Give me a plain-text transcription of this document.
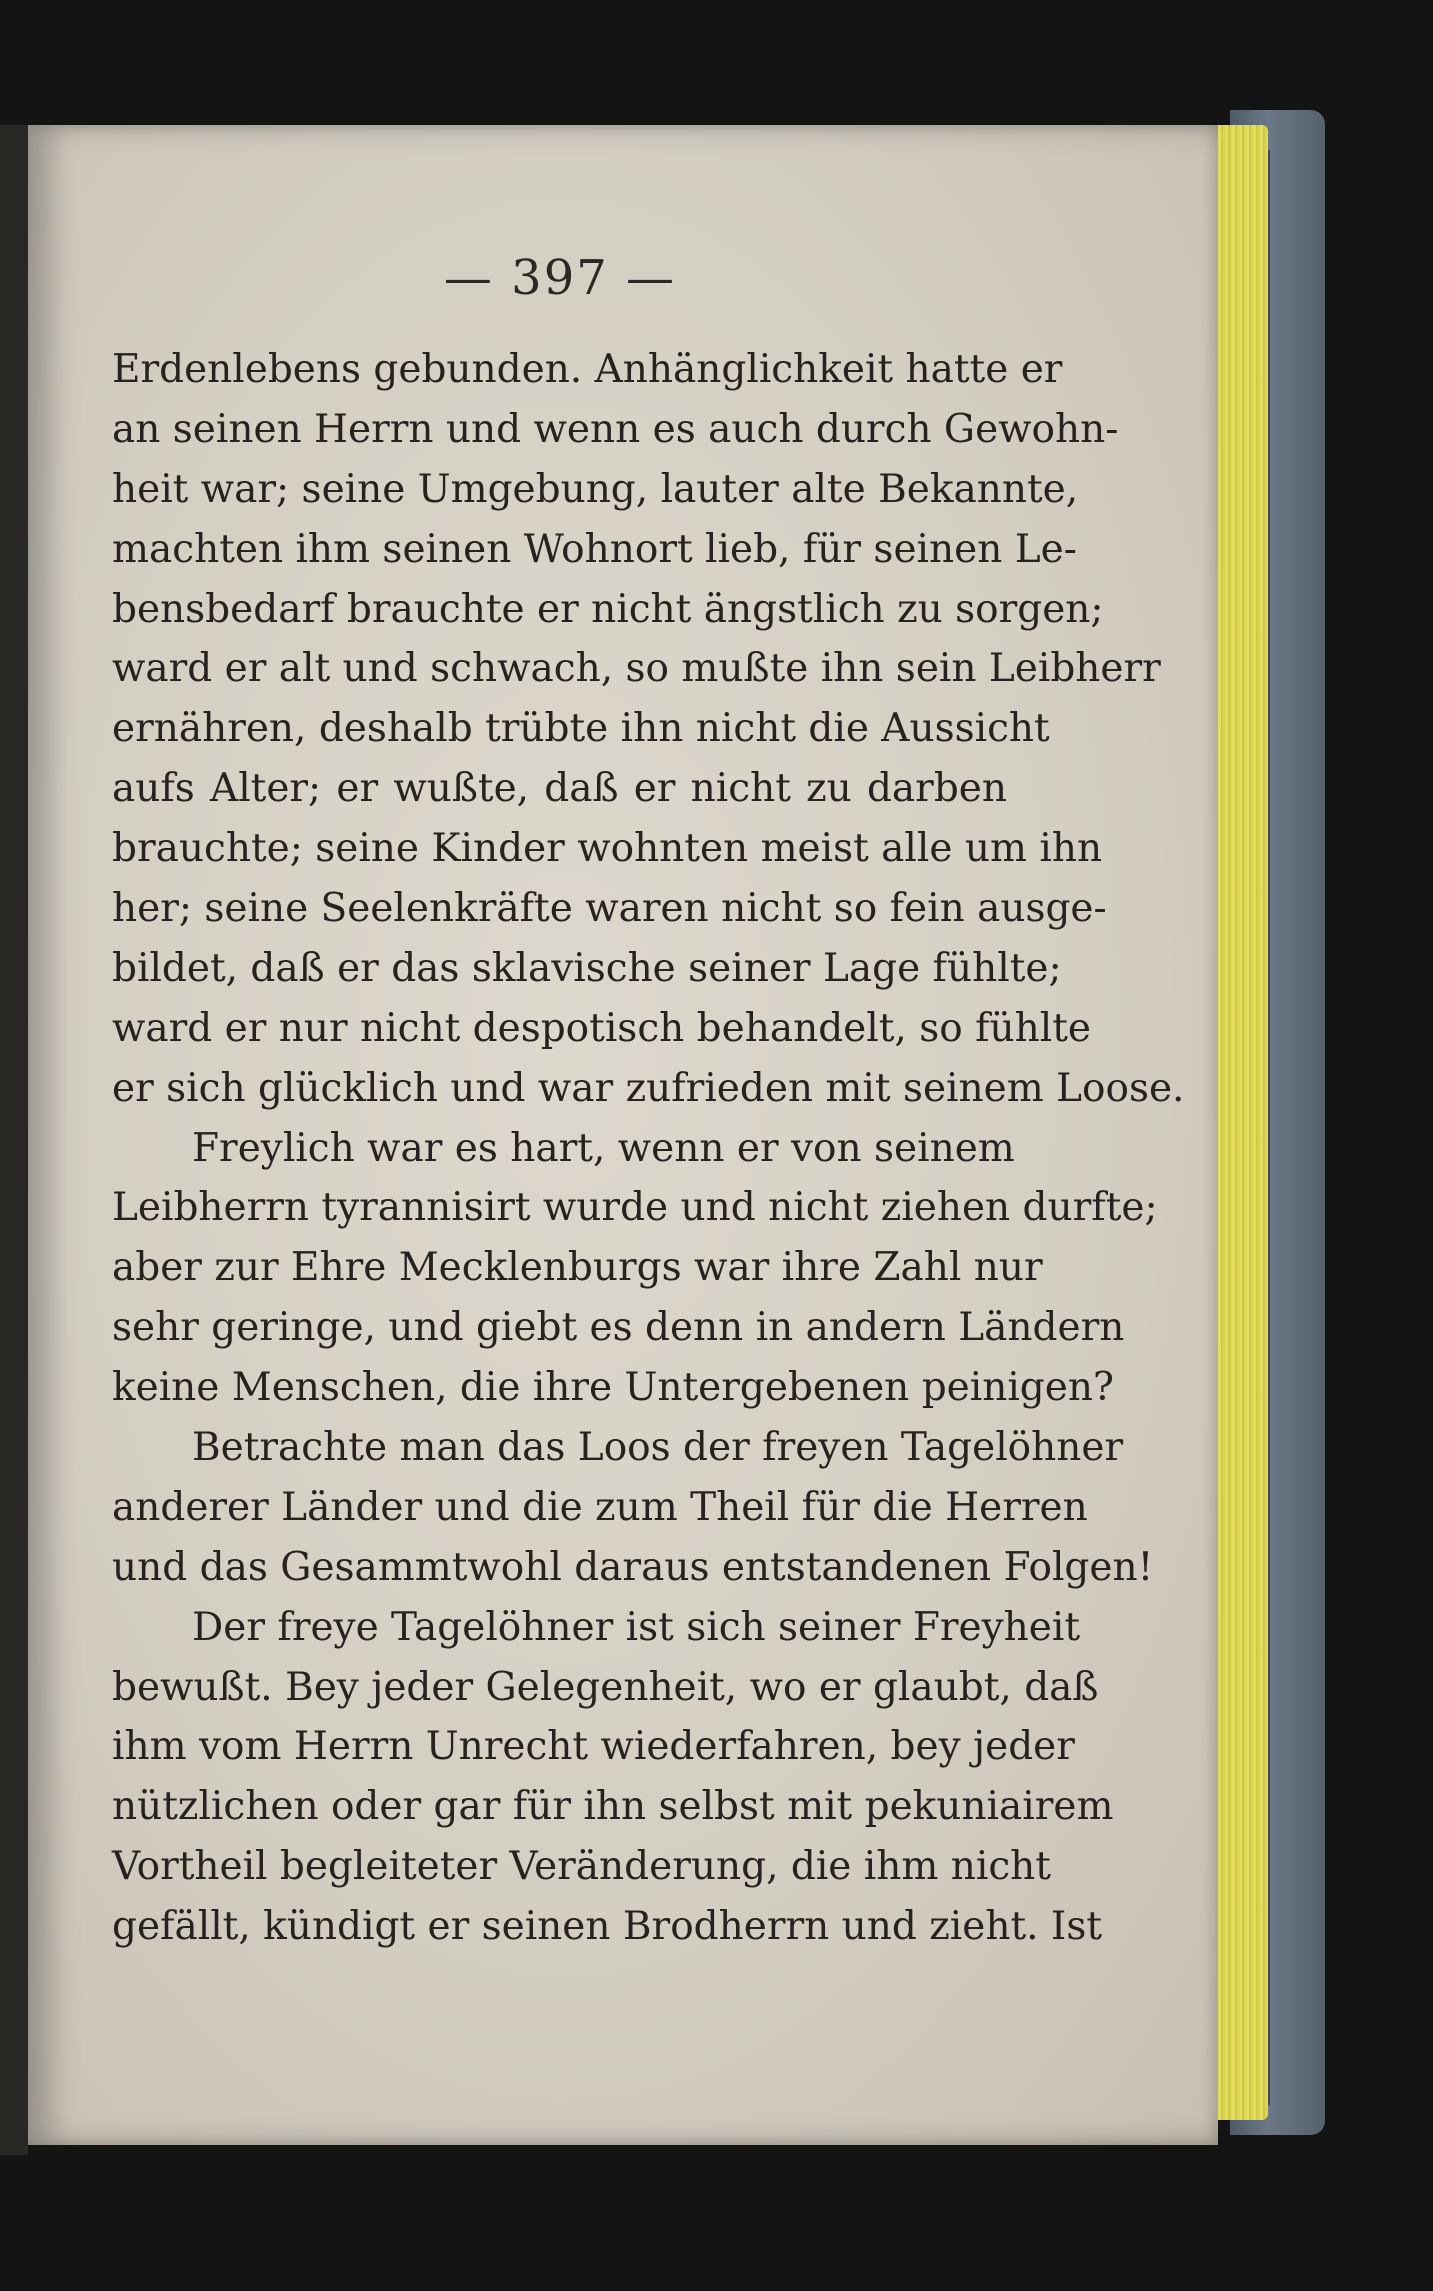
— 397 —
Erdenlebens gebunden. Anhänglichkeit hatte er
an seinen Herrn und wenn es auch durch Gewohn-
heit war; seine Umgebung, lauter alte Bekannte,
machten ihm seinen Wohnort lieb, für seinen Le-
bensbedarf brauchte er nicht ängstlich zu sorgen;
ward er alt und schwach, so mußte ihn sein Leibherr
ernähren, deshalb trübte ihn nicht die Aussicht
aufs Alter; er wußte, daß er nicht zu darben
brauchte; seine Kinder wohnten meist alle um ihn
her; seine Seelenkräfte waren nicht so fein ausge-
bildet, daß er das sklavische seiner Lage fühlte;
ward er nur nicht despotisch behandelt, so fühlte
er sich glücklich und war zufrieden mit seinem Loose.
Freylich war es hart, wenn er von seinem
Leibherrn tyrannisirt wurde und nicht ziehen durfte;
aber zur Ehre Mecklenburgs war ihre Zahl nur
sehr geringe, und giebt es denn in andern Ländern
keine Menschen, die ihre Untergebenen peinigen?
Betrachte man das Loos der freyen Tagelöhner
anderer Länder und die zum Theil für die Herren
und das Gesammtwohl daraus entstandenen Folgen!
Der freye Tagelöhner ist sich seiner Freyheit
bewußt. Bey jeder Gelegenheit, wo er glaubt, daß
ihm vom Herrn Unrecht wiederfahren, bey jeder
nützlichen oder gar für ihn selbst mit pekuniairem
Vortheil begleiteter Veränderung, die ihm nicht
gefällt, kündigt er seinen Brodherrn und zieht. Ist
